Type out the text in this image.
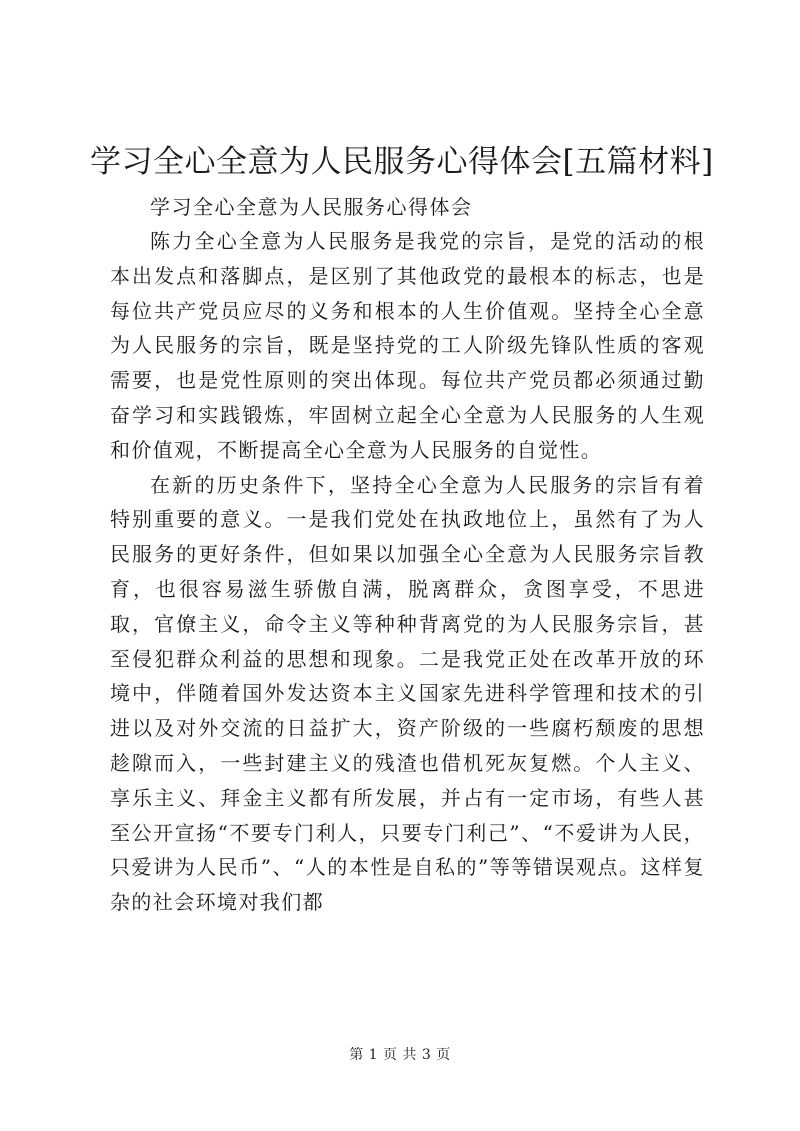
学习全心全意为人民服务心得体会[五篇材料]

学习全心全意为人民服务心得体会

陈力全心全意为人民服务是我党的宗旨，是党的活动的根本出发点和落脚点，是区别了其他政党的最根本的标志，也是每位共产党员应尽的义务和根本的人生价值观。坚持全心全意为人民服务的宗旨，既是坚持党的工人阶级先锋队性质的客观需要，也是党性原则的突出体现。每位共产党员都必须通过勤奋学习和实践锻炼，牢固树立起全心全意为人民服务的人生观和价值观，不断提高全心全意为人民服务的自觉性。

在新的历史条件下，坚持全心全意为人民服务的宗旨有着特别重要的意义。一是我们党处在执政地位上，虽然有了为人民服务的更好条件，但如果以加强全心全意为人民服务宗旨教育，也很容易滋生骄傲自满，脱离群众，贪图享受，不思进取，官僚主义，命令主义等种种背离党的为人民服务宗旨，甚至侵犯群众利益的思想和现象。二是我党正处在改革开放的环境中，伴随着国外发达资本主义国家先进科学管理和技术的引进以及对外交流的日益扩大，资产阶级的一些腐朽颓废的思想趁隙而入，一些封建主义的残渣也借机死灰复燃。个人主义、享乐主义、拜金主义都有所发展，并占有一定市场，有些人甚至公开宣扬“不要专门利人，只要专门利己”、“不爱讲为人民，只爱讲为人民币”、“人的本性是自私的”等等错误观点。这样复杂的社会环境对我们都

第 1 页 共 3 页
